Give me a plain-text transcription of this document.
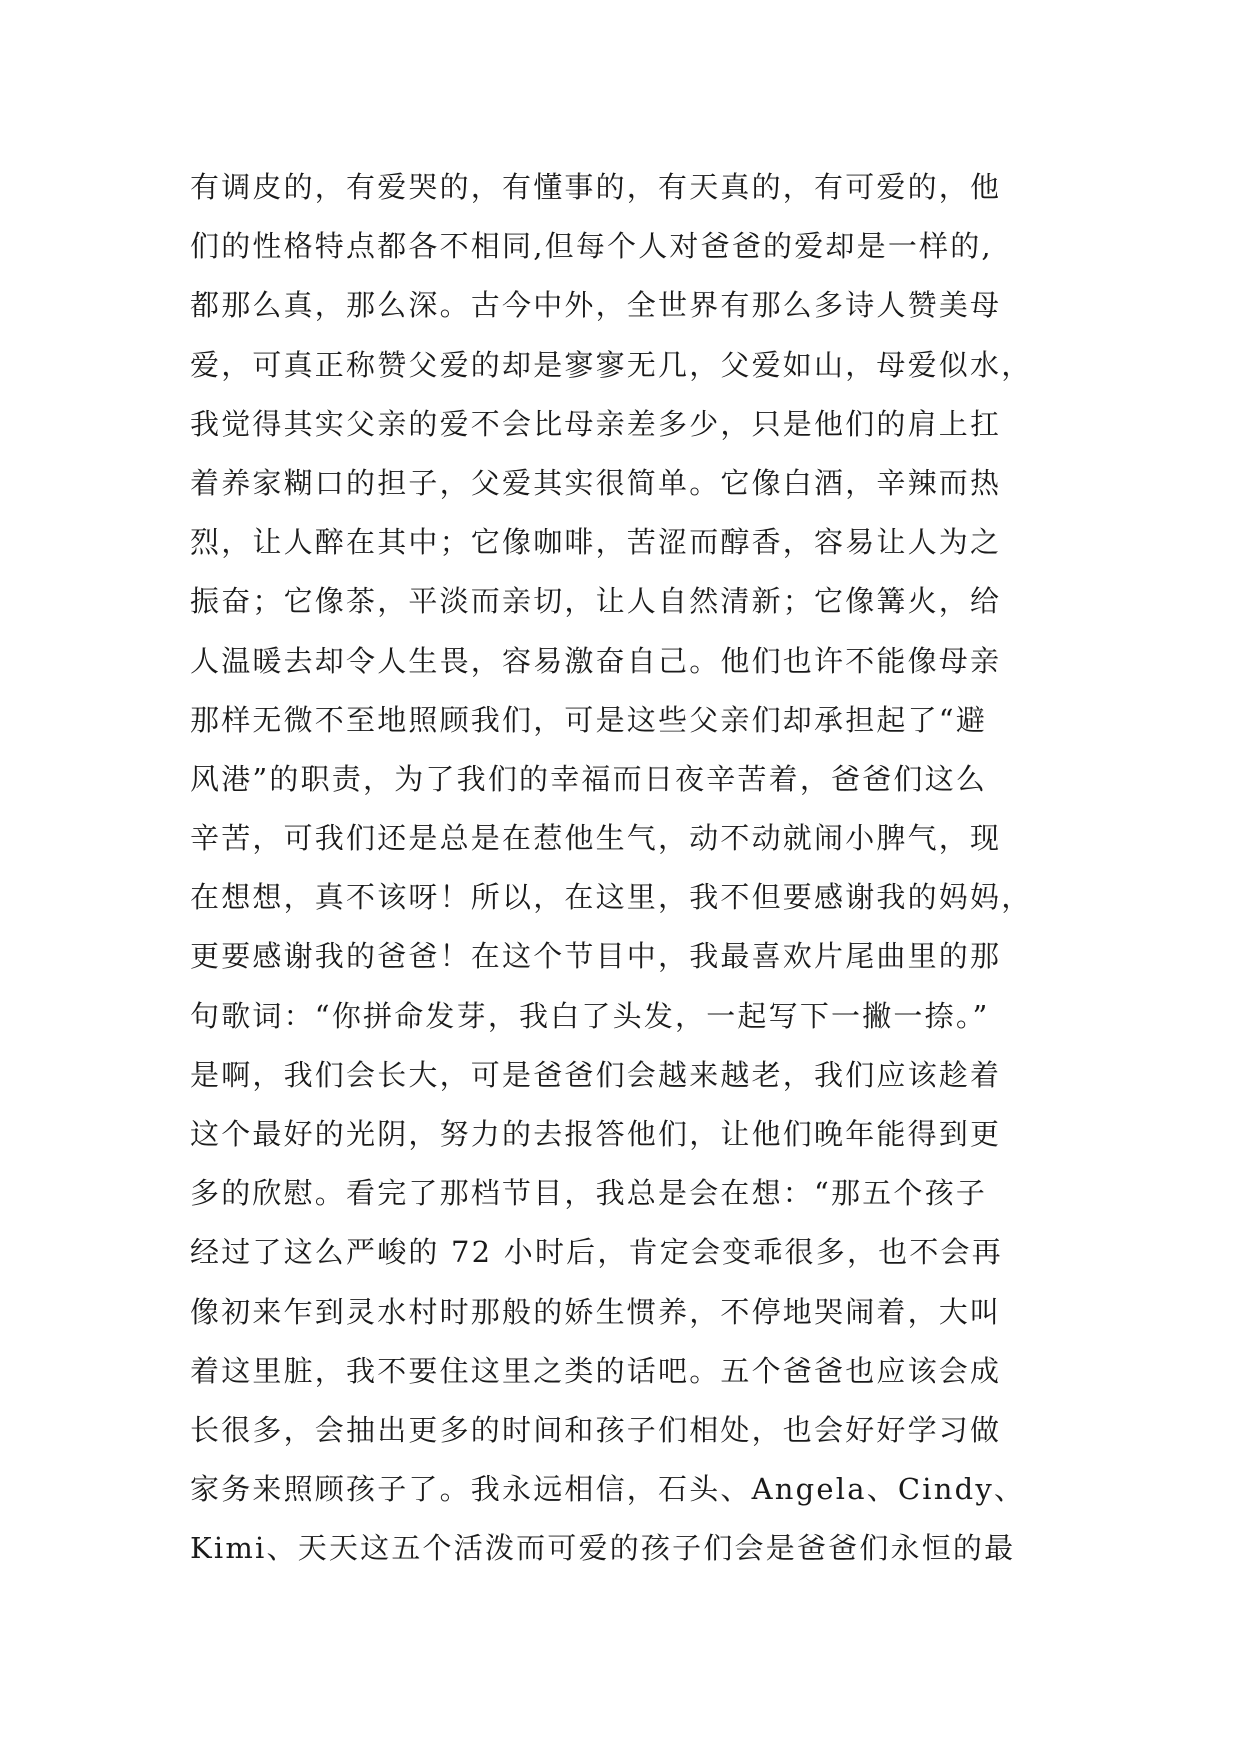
有调皮的，有爱哭的，有懂事的，有天真的，有可爱的，他
们的性格特点都各不相同,但每个人对爸爸的爱却是一样的,
都那么真，那么深。古今中外，全世界有那么多诗人赞美母
爱，可真正称赞父爱的却是寥寥无几，父爱如山，母爱似水，
我觉得其实父亲的爱不会比母亲差多少，只是他们的肩上扛
着养家糊口的担子，父爱其实很简单。它像白酒，辛辣而热
烈，让人醉在其中；它像咖啡，苦涩而醇香，容易让人为之
振奋；它像茶，平淡而亲切，让人自然清新；它像篝火，给
人温暖去却令人生畏，容易激奋自己。他们也许不能像母亲
那样无微不至地照顾我们，可是这些父亲们却承担起了“避
风港”的职责，为了我们的幸福而日夜辛苦着，爸爸们这么
辛苦，可我们还是总是在惹他生气，动不动就闹小脾气，现
在想想，真不该呀！所以，在这里，我不但要感谢我的妈妈，
更要感谢我的爸爸！在这个节目中，我最喜欢片尾曲里的那
句歌词：“你拼命发芽，我白了头发，一起写下一撇一捺。”
是啊，我们会长大，可是爸爸们会越来越老，我们应该趁着
这个最好的光阴，努力的去报答他们，让他们晚年能得到更
多的欣慰。看完了那档节目，我总是会在想：“那五个孩子
经过了这么严峻的 72 小时后，肯定会变乖很多，也不会再
像初来乍到灵水村时那般的娇生惯养，不停地哭闹着，大叫
着这里脏，我不要住这里之类的话吧。五个爸爸也应该会成
长很多，会抽出更多的时间和孩子们相处，也会好好学习做
家务来照顾孩子了。我永远相信，石头、Angela、Cindy、
Kimi、天天这五个活泼而可爱的孩子们会是爸爸们永恒的最
